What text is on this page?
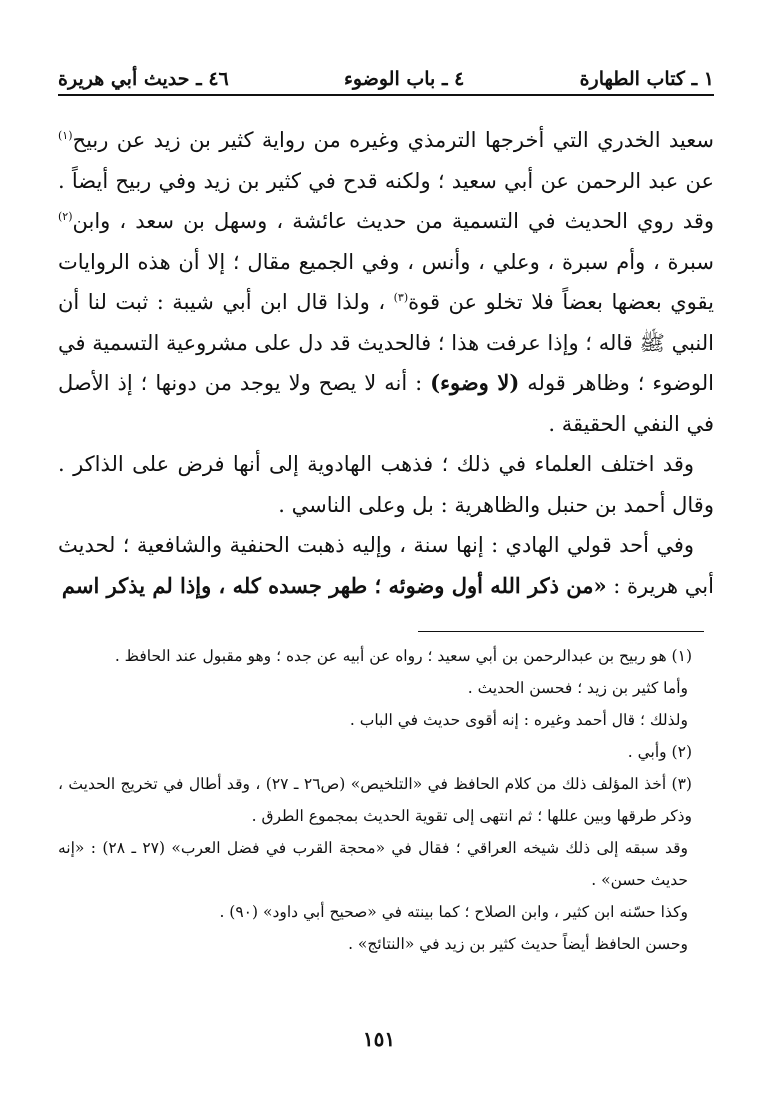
١ ـ كتاب الطهارة
٤ ـ باب الوضوء
٤٦ ـ حديث أبي هريرة

سعيد الخدري التي أخرجها الترمذي وغيره من رواية كثير بن زيد عن ربيح$^{(١)}$ عن عبد الرحمن عن أبي سعيد ؛ ولكنه قدح في كثير بن زيد وفي ربيح أيضاً . وقد روي الحديث في التسمية من حديث عائشة ، وسهل بن سعد ، وابن$^{(٢)}$ سبرة ، وأم سبرة ، وعلي ، وأنس ، وفي الجميع مقال ؛ إلا أن هذه الروايات يقوي بعضها بعضاً فلا تخلو عن قوة$^{(٣)}$ ، ولذا قال ابن أبي شيبة : ثبت لنا أن النبي ﷺ قاله ؛ وإذا عرفت هذا ؛ فالحديث قد دل على مشروعية التسمية في الوضوء ؛ وظاهر قوله (لا وضوء) : أنه لا يصح ولا يوجد من دونها ؛ إذ الأصل في النفي الحقيقة .

وقد اختلف العلماء في ذلك ؛ فذهب الهادوية إلى أنها فرض على الذاكر . وقال أحمد بن حنبل والظاهرية : بل وعلى الناسي .

وفي أحد قولي الهادي : إنها سنة ، وإليه ذهبت الحنفية والشافعية ؛ لحديث أبي هريرة : «من ذكر الله أول وضوئه ؛ طهر جسده كله ، وإذا لم يذكر اسم

(١) هو ربيح بن عبدالرحمن بن أبي سعيد ؛ رواه عن أبيه عن جده ؛ وهو مقبول عند الحافظ .

وأما كثير بن زيد ؛ فحسن الحديث .

ولذلك ؛ قال أحمد وغيره : إنه أقوى حديث في الباب .

(٢) وأبي .

(٣) أخذ المؤلف ذلك من كلام الحافظ في «التلخيص» (ص٢٦ ـ ٢٧) ، وقد أطال في تخريج الحديث ، وذكر طرقها وبين عللها ؛ ثم انتهى إلى تقوية الحديث بمجموع الطرق .

وقد سبقه إلى ذلك شيخه العراقي ؛ فقال في «محجة القرب في فضل العرب» (٢٧ ـ ٢٨) : «إنه حديث حسن» .

وكذا حسّنه ابن كثير ، وابن الصلاح ؛ كما بينته في «صحيح أبي داود» (٩٠) .

وحسن الحافظ أيضاً حديث كثير بن زيد في «النتائج» .

١٥١
